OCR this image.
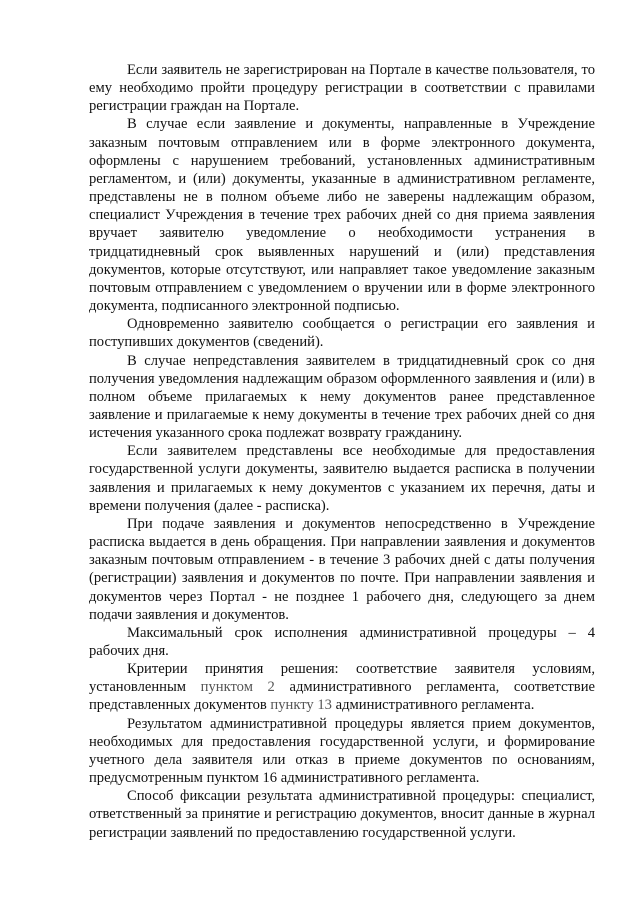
Если заявитель не зарегистрирован на Портале в качестве пользователя, то ему необходимо пройти процедуру регистрации в соответствии с правилами регистрации граждан на Портале.

В случае если заявление и документы, направленные в Учреждение заказным почтовым отправлением или в форме электронного документа, оформлены с нарушением требований, установленных административным регламентом, и (или) документы, указанные в административном регламенте, представлены не в полном объеме либо не заверены надлежащим образом, специалист Учреждения в течение трех рабочих дней со дня приема заявления вручает заявителю уведомление о необходимости устранения в тридцатидневный срок выявленных нарушений и (или) представления документов, которые отсутствуют, или направляет такое уведомление заказным почтовым отправлением с уведомлением о вручении или в форме электронного документа, подписанного электронной подписью.

Одновременно заявителю сообщается о регистрации его заявления и поступивших документов (сведений).

В случае непредставления заявителем в тридцатидневный срок со дня получения уведомления надлежащим образом оформленного заявления и (или) в полном объеме прилагаемых к нему документов ранее представленное заявление и прилагаемые к нему документы в течение трех рабочих дней со дня истечения указанного срока подлежат возврату гражданину.

Если заявителем представлены все необходимые для предоставления государственной услуги документы, заявителю выдается расписка в получении заявления и прилагаемых к нему документов с указанием их перечня, даты и времени получения (далее - расписка).

При подаче заявления и документов непосредственно в Учреждение расписка выдается в день обращения. При направлении заявления и документов заказным почтовым отправлением - в течение 3 рабочих дней с даты получения (регистрации) заявления и документов по почте. При направлении заявления и документов через Портал - не позднее 1 рабочего дня, следующего за днем подачи заявления и документов.

Максимальный срок исполнения административной процедуры – 4 рабочих дня.

Критерии принятия решения: соответствие заявителя условиям, установленным пунктом 2 административного регламента, соответствие представленных документов пункту 13 административного регламента.

Результатом административной процедуры является прием документов, необходимых для предоставления государственной услуги, и формирование учетного дела заявителя или отказ в приеме документов по основаниям, предусмотренным пунктом 16 административного регламента.

Способ фиксации результата административной процедуры: специалист, ответственный за принятие и регистрацию документов, вносит данные в журнал регистрации заявлений по предоставлению государственной услуги.
